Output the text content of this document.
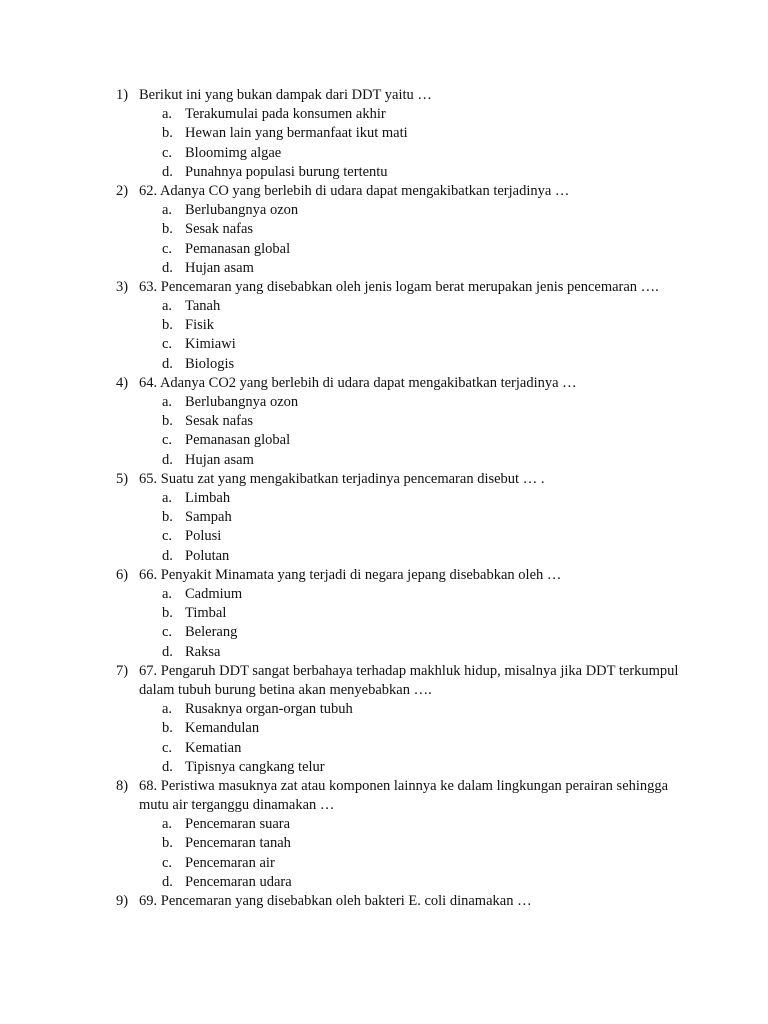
1) Berikut ini yang bukan dampak dari DDT yaitu …
a. Terakumulai pada konsumen akhir
b. Hewan lain yang bermanfaat ikut mati
c. Bloomimg algae
d. Punahnya populasi burung tertentu
2) 62. Adanya CO yang berlebih di udara dapat mengakibatkan terjadinya …
a. Berlubangnya ozon
b. Sesak nafas
c. Pemanasan global
d. Hujan asam
3) 63. Pencemaran yang disebabkan oleh jenis logam berat merupakan jenis pencemaran ….
a. Tanah
b. Fisik
c. Kimiawi
d. Biologis
4) 64. Adanya CO2 yang berlebih di udara dapat mengakibatkan terjadinya …
a. Berlubangnya ozon
b. Sesak nafas
c. Pemanasan global
d. Hujan asam
5) 65. Suatu zat yang mengakibatkan terjadinya pencemaran disebut … .
a. Limbah
b. Sampah
c. Polusi
d. Polutan
6) 66. Penyakit Minamata yang terjadi di negara jepang disebabkan oleh …
a. Cadmium
b. Timbal
c. Belerang
d. Raksa
7) 67. Pengaruh DDT sangat berbahaya terhadap makhluk hidup, misalnya jika DDT terkumpul dalam tubuh burung betina akan menyebabkan ….
a. Rusaknya organ-organ tubuh
b. Kemandulan
c. Kematian
d. Tipisnya cangkang telur
8) 68. Peristiwa masuknya zat atau komponen lainnya ke dalam lingkungan perairan sehingga mutu air terganggu dinamakan …
a. Pencemaran suara
b. Pencemaran tanah
c. Pencemaran air
d. Pencemaran udara
9) 69. Pencemaran yang disebabkan oleh bakteri E. coli dinamakan …
